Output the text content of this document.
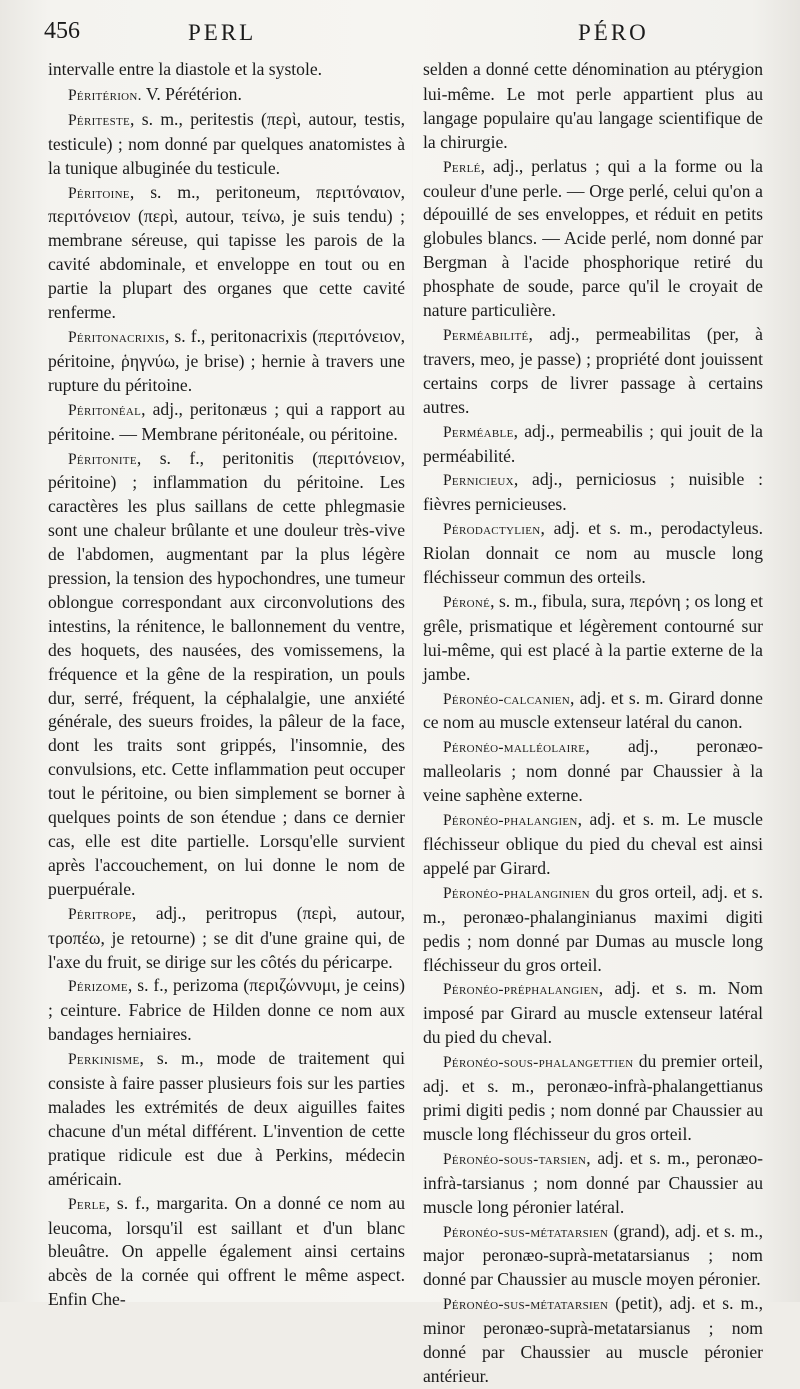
456	PERL	PÉRO

intervalle entre la diastole et la systole.

Péritérion. V. Pérétérion.

Périteste, s. m., peritestis (περὶ, autour, testis, testicule) ; nom donné par quelques anatomistes à la tunique albuginée du testicule.

Péritoine, s. m., peritoneum, περιτόναιον, περιτόνειον (περὶ, autour, τείνω, je suis tendu) ; membrane séreuse, qui tapisse les parois de la cavité abdominale, et enveloppe en tout ou en partie la plupart des organes que cette cavité renferme.

Péritonacrixis, s. f., peritonacrixis (περιτόνειον, péritoine, ῥηγνύω, je brise) ; hernie à travers une rupture du péritoine.

Péritonéal, adj., peritonæus ; qui a rapport au péritoine. — Membrane péritonéale, ou péritoine.

Péritonite, s. f., peritonitis (περιτόνειον, péritoine) ; inflammation du péritoine. Les caractères les plus saillans de cette phlegmasie sont une chaleur brûlante et une douleur très-vive de l'abdomen, augmentant par la plus légère pression, la tension des hypochondres, une tumeur oblongue correspondant aux circonvolutions des intestins, la rénitence, le ballonnement du ventre, des hoquets, des nausées, des vomissemens, la fréquence et la gêne de la respiration, un pouls dur, serré, fréquent, la céphalalgie, une anxiété générale, des sueurs froides, la pâleur de la face, dont les traits sont grippés, l'insomnie, des convulsions, etc. Cette inflammation peut occuper tout le péritoine, ou bien simplement se borner à quelques points de son étendue ; dans ce dernier cas, elle est dite partielle. Lorsqu'elle survient après l'accouchement, on lui donne le nom de puerpuérale.

Péritrope, adj., peritropus (περὶ, autour, τροπέω, je retourne) ; se dit d'une graine qui, de l'axe du fruit, se dirige sur les côtés du péricarpe.

Périzome, s. f., perizoma (περιζώννυμι, je ceins) ; ceinture. Fabrice de Hilden donne ce nom aux bandages herniaires.

Perkinisme, s. m., mode de traitement qui consiste à faire passer plusieurs fois sur les parties malades les extrémités de deux aiguilles faites chacune d'un métal différent. L'invention de cette pratique ridicule est due à Perkins, médecin américain.

Perle, s. f., margarita. On a donné ce nom au leucoma, lorsqu'il est saillant et d'un blanc bleuâtre. On appelle également ainsi certains abcès de la cornée qui offrent le même aspect. Enfin Che-

selden a donné cette dénomination au ptérygion lui-même. Le mot perle appartient plus au langage populaire qu'au langage scientifique de la chirurgie.

Perlé, adj., perlatus ; qui a la forme ou la couleur d'une perle. — Orge perlé, celui qu'on a dépouillé de ses enveloppes, et réduit en petits globules blancs. — Acide perlé, nom donné par Bergman à l'acide phosphorique retiré du phosphate de soude, parce qu'il le croyait de nature particulière.

Perméabilité, adj., permeabilitas (per, à travers, meo, je passe) ; propriété dont jouissent certains corps de livrer passage à certains autres.

Perméable, adj., permeabilis ; qui jouit de la perméabilité.

Pernicieux, adj., perniciosus ; nuisible : fièvres pernicieuses.

Pérodactylien, adj. et s. m., perodactyleus. Riolan donnait ce nom au muscle long fléchisseur commun des orteils.

Péroné, s. m., fibula, sura, περόνη ; os long et grêle, prismatique et légèrement contourné sur lui-même, qui est placé à la partie externe de la jambe.

Péronéo-calcanien, adj. et s. m. Girard donne ce nom au muscle extenseur latéral du canon.

Péronéo-malléolaire, adj., peronæo-malleolaris ; nom donné par Chaussier à la veine saphène externe.

Péronéo-phalangien, adj. et s. m. Le muscle fléchisseur oblique du pied du cheval est ainsi appelé par Girard.

Péronéo-phalanginien du gros orteil, adj. et s. m., peronæo-phalanginianus maximi digiti pedis ; nom donné par Dumas au muscle long fléchisseur du gros orteil.

Péronéo-préphalangien, adj. et s. m. Nom imposé par Girard au muscle extenseur latéral du pied du cheval.

Péronéo-sous-phalangettien du premier orteil, adj. et s. m., peronæo-infrà-phalangettianus primi digiti pedis ; nom donné par Chaussier au muscle long fléchisseur du gros orteil.

Péronéo-sous-tarsien, adj. et s. m., peronæo-infrà-tarsianus ; nom donné par Chaussier au muscle long péronier latéral.

Péronéo-sus-métatarsien (grand), adj. et s. m., major peronæo-suprà-metatarsianus ; nom donné par Chaussier au muscle moyen péronier.

Péronéo-sus-métatarsien (petit), adj. et s. m., minor peronæo-suprà-metatarsianus ; nom donné par Chaussier au muscle péronier antérieur.
